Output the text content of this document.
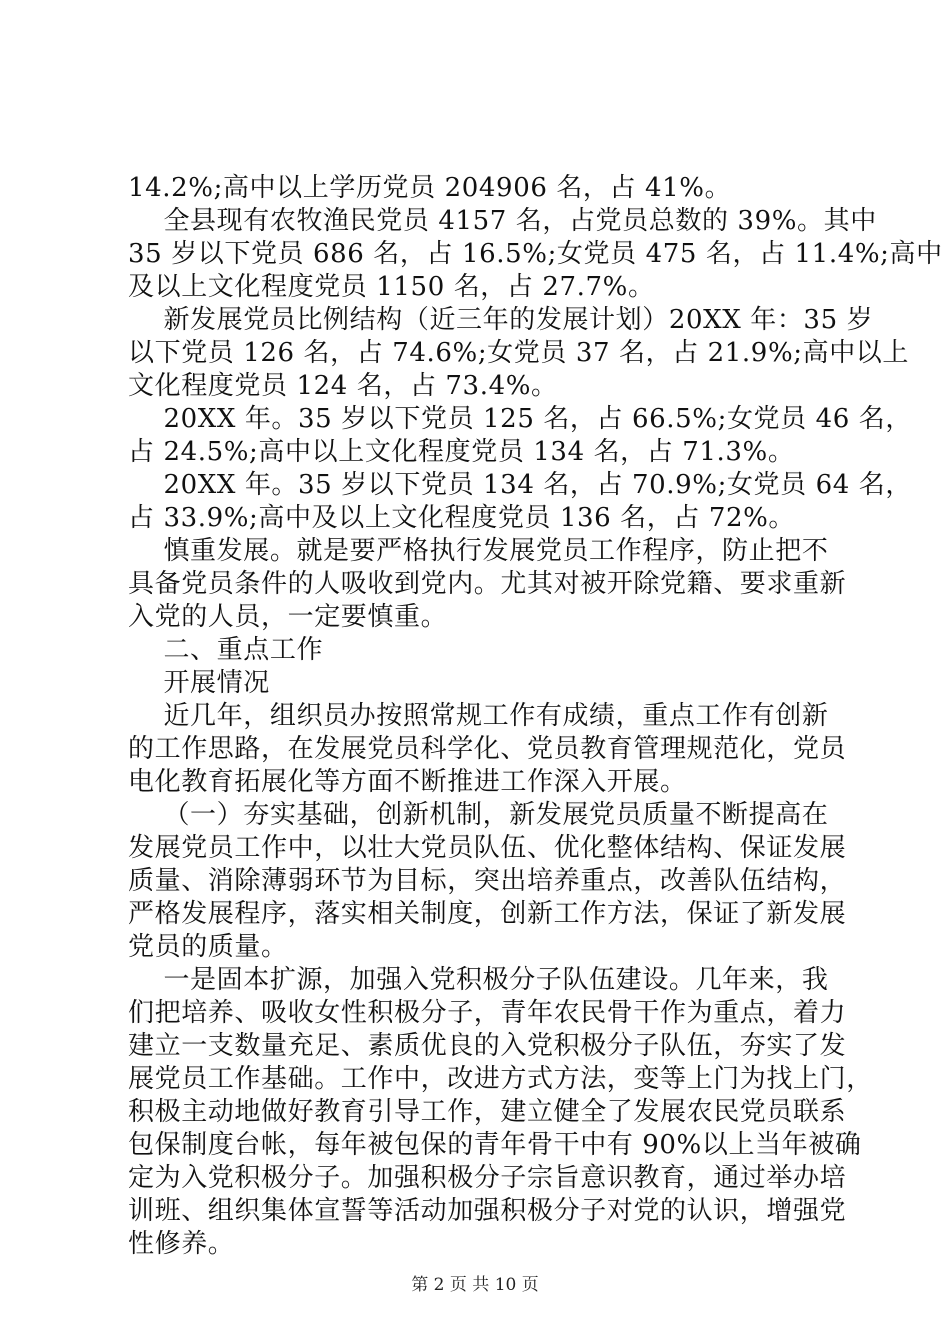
14.2%;高中以上学历党员 204906 名，占 41%。
全县现有农牧渔民党员 4157 名，占党员总数的 39%。其中
35 岁以下党员 686 名，占 16.5%;女党员 475 名，占 11.4%;高中
及以上文化程度党员 1150 名，占 27.7%。
新发展党员比例结构（近三年的发展计划）20XX 年：35 岁
以下党员 126 名，占 74.6%;女党员 37 名，占 21.9%;高中以上
文化程度党员 124 名，占 73.4%。
20XX 年。35 岁以下党员 125 名，占 66.5%;女党员 46 名，
占 24.5%;高中以上文化程度党员 134 名，占 71.3%。
20XX 年。35 岁以下党员 134 名，占 70.9%;女党员 64 名，
占 33.9%;高中及以上文化程度党员 136 名，占 72%。
慎重发展。就是要严格执行发展党员工作程序，防止把不
具备党员条件的人吸收到党内。尤其对被开除党籍、要求重新
入党的人员，一定要慎重。
二、重点工作
开展情况
近几年，组织员办按照常规工作有成绩，重点工作有创新
的工作思路，在发展党员科学化、党员教育管理规范化，党员
电化教育拓展化等方面不断推进工作深入开展。
（一）夯实基础，创新机制，新发展党员质量不断提高在
发展党员工作中，以壮大党员队伍、优化整体结构、保证发展
质量、消除薄弱环节为目标，突出培养重点，改善队伍结构，
严格发展程序，落实相关制度，创新工作方法，保证了新发展
党员的质量。
一是固本扩源，加强入党积极分子队伍建设。几年来，我
们把培养、吸收女性积极分子，青年农民骨干作为重点，着力
建立一支数量充足、素质优良的入党积极分子队伍，夯实了发
展党员工作基础。工作中，改进方式方法，变等上门为找上门，
积极主动地做好教育引导工作，建立健全了发展农民党员联系
包保制度台帐，每年被包保的青年骨干中有 90%以上当年被确
定为入党积极分子。加强积极分子宗旨意识教育，通过举办培
训班、组织集体宣誓等活动加强积极分子对党的认识，增强党
性修养。
第 2 页 共 10 页
